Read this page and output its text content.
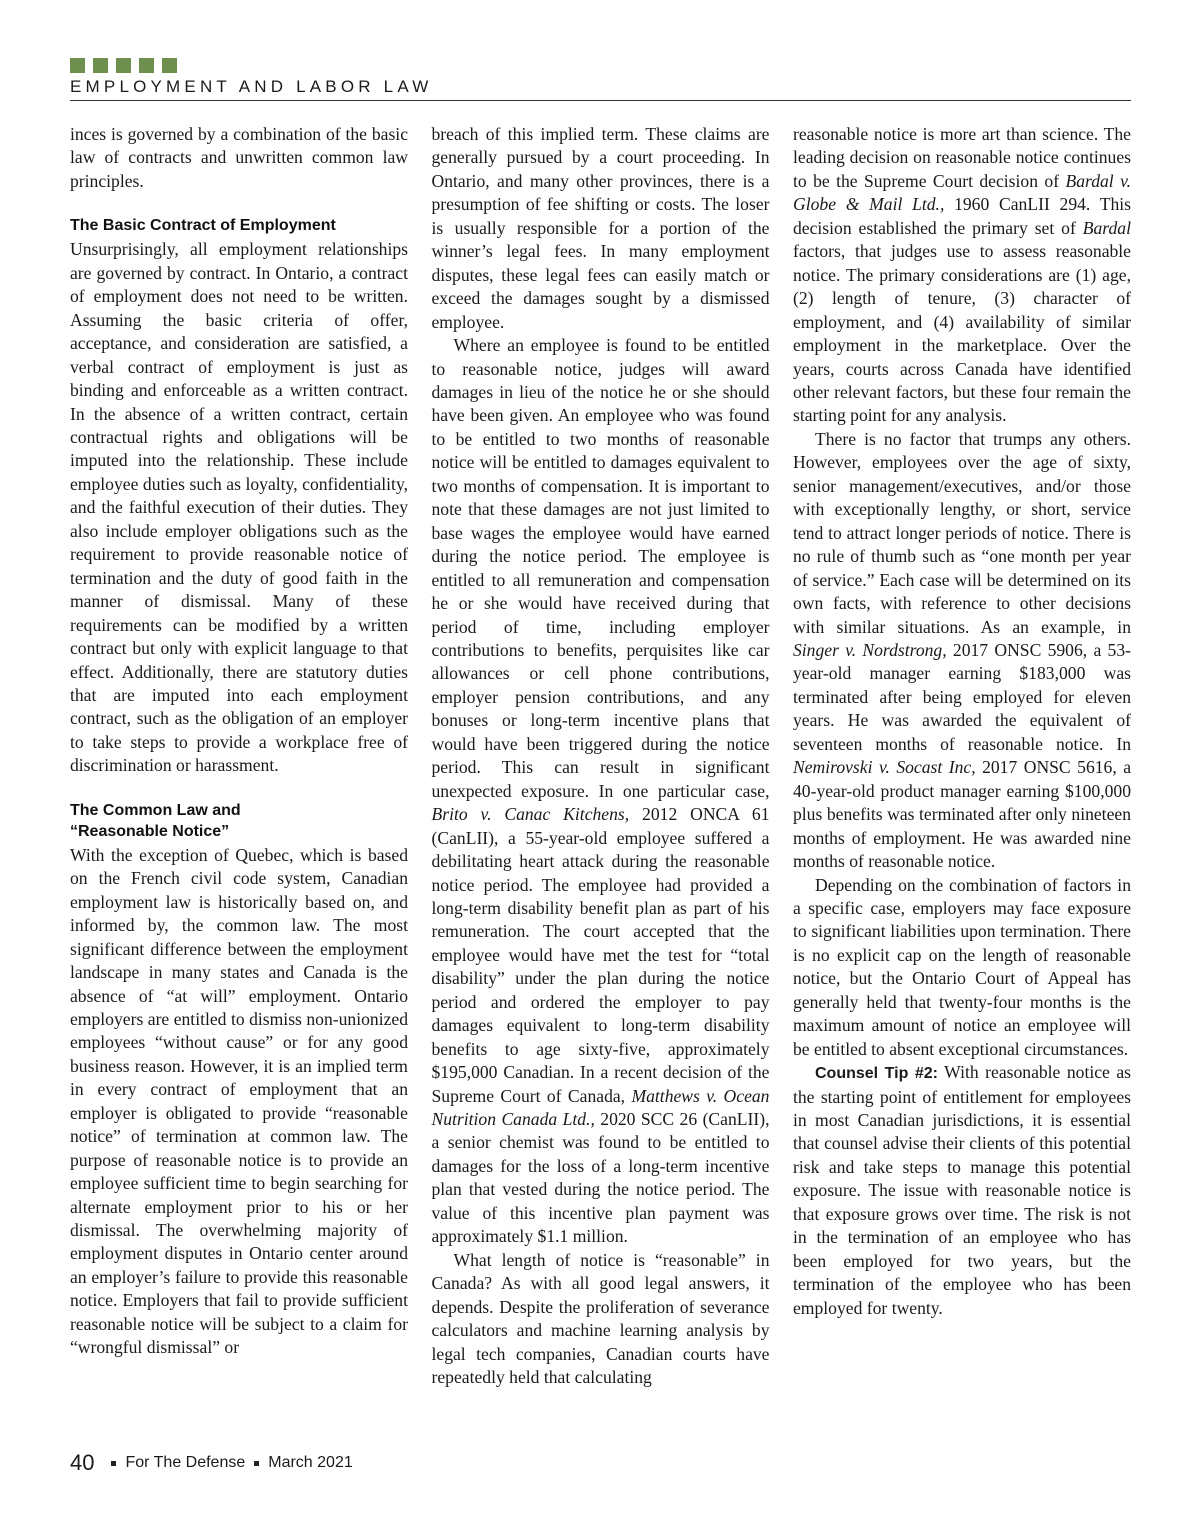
EMPLOYMENT AND LABOR LAW

inces is governed by a combination of the basic law of contracts and unwritten common law principles.

The Basic Contract of Employment

Unsurprisingly, all employment relationships are governed by contract. In Ontario, a contract of employment does not need to be written. Assuming the basic criteria of offer, acceptance, and consideration are satisfied, a verbal contract of employment is just as binding and enforceable as a written contract. In the absence of a written contract, certain contractual rights and obligations will be imputed into the relationship. These include employee duties such as loyalty, confidentiality, and the faithful execution of their duties. They also include employer obligations such as the requirement to provide reasonable notice of termination and the duty of good faith in the manner of dismissal. Many of these requirements can be modified by a written contract but only with explicit language to that effect. Additionally, there are statutory duties that are imputed into each employment contract, such as the obligation of an employer to take steps to provide a workplace free of discrimination or harassment.

The Common Law and
“Reasonable Notice”

With the exception of Quebec, which is based on the French civil code system, Canadian employment law is historically based on, and informed by, the common law. The most significant difference between the employment landscape in many states and Canada is the absence of “at will” employment. Ontario employers are entitled to dismiss non-unionized employees “without cause” or for any good business reason. However, it is an implied term in every contract of employment that an employer is obligated to provide “reasonable notice” of termination at common law. The purpose of reasonable notice is to provide an employee sufficient time to begin searching for alternate employment prior to his or her dismissal. The overwhelming majority of employment disputes in Ontario center around an employer’s failure to provide this reasonable notice. Employers that fail to provide sufficient reasonable notice will be subject to a claim for “wrongful dismissal” or

breach of this implied term. These claims are generally pursued by a court proceeding. In Ontario, and many other provinces, there is a presumption of fee shifting or costs. The loser is usually responsible for a portion of the winner’s legal fees. In many employment disputes, these legal fees can easily match or exceed the damages sought by a dismissed employee.

Where an employee is found to be entitled to reasonable notice, judges will award damages in lieu of the notice he or she should have been given. An employee who was found to be entitled to two months of reasonable notice will be entitled to damages equivalent to two months of compensation. It is important to note that these damages are not just limited to base wages the employee would have earned during the notice period. The employee is entitled to all remuneration and compensation he or she would have received during that period of time, including employer contributions to benefits, perquisites like car allowances or cell phone contributions, employer pension contributions, and any bonuses or long-term incentive plans that would have been triggered during the notice period. This can result in significant unexpected exposure. In one particular case, Brito v. Canac Kitchens, 2012 ONCA 61 (CanLII), a 55-year-old employee suffered a debilitating heart attack during the reasonable notice period. The employee had provided a long-term disability benefit plan as part of his remuneration. The court accepted that the employee would have met the test for “total disability” under the plan during the notice period and ordered the employer to pay damages equivalent to long-term disability benefits to age sixty-five, approximately $195,000 Canadian. In a recent decision of the Supreme Court of Canada, Matthews v. Ocean Nutrition Canada Ltd., 2020 SCC 26 (CanLII), a senior chemist was found to be entitled to damages for the loss of a long-term incentive plan that vested during the notice period. The value of this incentive plan payment was approximately $1.1 million.

What length of notice is “reasonable” in Canada? As with all good legal answers, it depends. Despite the proliferation of severance calculators and machine learning analysis by legal tech companies, Canadian courts have repeatedly held that calculating

reasonable notice is more art than science. The leading decision on reasonable notice continues to be the Supreme Court decision of Bardal v. Globe & Mail Ltd., 1960 CanLII 294. This decision established the primary set of Bardal factors, that judges use to assess reasonable notice. The primary considerations are (1) age, (2) length of tenure, (3) character of employment, and (4) availability of similar employment in the marketplace. Over the years, courts across Canada have identified other relevant factors, but these four remain the starting point for any analysis.

There is no factor that trumps any others. However, employees over the age of sixty, senior management/executives, and/or those with exceptionally lengthy, or short, service tend to attract longer periods of notice. There is no rule of thumb such as “one month per year of service.” Each case will be determined on its own facts, with reference to other decisions with similar situations. As an example, in Singer v. Nordstrong, 2017 ONSC 5906, a 53-year-old manager earning $183,000 was terminated after being employed for eleven years. He was awarded the equivalent of seventeen months of reasonable notice. In Nemirovski v. Socast Inc, 2017 ONSC 5616, a 40-year-old product manager earning $100,000 plus benefits was terminated after only nineteen months of employment. He was awarded nine months of reasonable notice.

Depending on the combination of factors in a specific case, employers may face exposure to significant liabilities upon termination. There is no explicit cap on the length of reasonable notice, but the Ontario Court of Appeal has generally held that twenty-four months is the maximum amount of notice an employee will be entitled to absent exceptional circumstances.

Counsel Tip #2: With reasonable notice as the starting point of entitlement for employees in most Canadian jurisdictions, it is essential that counsel advise their clients of this potential risk and take steps to manage this potential exposure. The issue with reasonable notice is that exposure grows over time. The risk is not in the termination of an employee who has been employed for two years, but the termination of the employee who has been employed for twenty.

40 For The Defense March 2021
